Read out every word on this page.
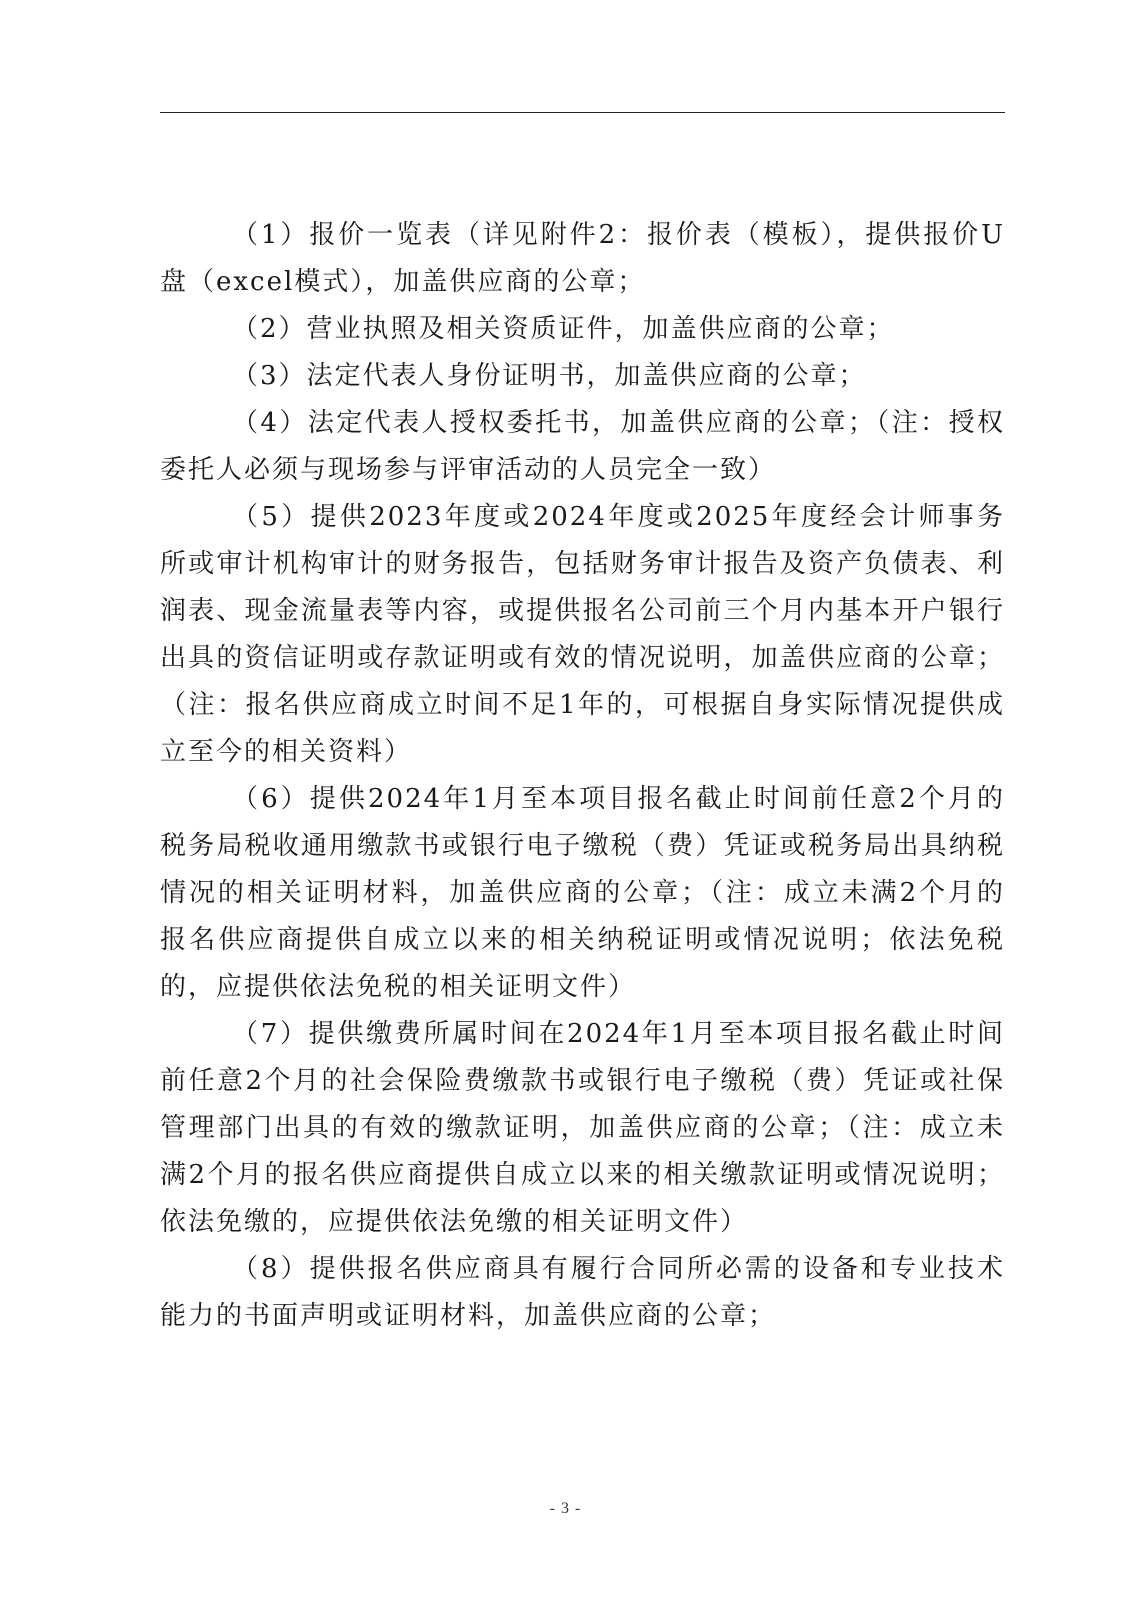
（1）报价一览表（详见附件2：报价表（模板），提供报价U盘（excel模式），加盖供应商的公章；

（2）营业执照及相关资质证件，加盖供应商的公章；

（3）法定代表人身份证明书，加盖供应商的公章；

（4）法定代表人授权委托书，加盖供应商的公章；（注：授权委托人必须与现场参与评审活动的人员完全一致）

（5）提供2023年度或2024年度或2025年度经会计师事务所或审计机构审计的财务报告，包括财务审计报告及资产负债表、利润表、现金流量表等内容，或提供报名公司前三个月内基本开户银行出具的资信证明或存款证明或有效的情况说明，加盖供应商的公章；（注：报名供应商成立时间不足1年的，可根据自身实际情况提供成立至今的相关资料）

（6）提供2024年1月至本项目报名截止时间前任意2个月的税务局税收通用缴款书或银行电子缴税（费）凭证或税务局出具纳税情况的相关证明材料，加盖供应商的公章；（注：成立未满2个月的报名供应商提供自成立以来的相关纳税证明或情况说明；依法免税的，应提供依法免税的相关证明文件）

（7）提供缴费所属时间在2024年1月至本项目报名截止时间前任意2个月的社会保险费缴款书或银行电子缴税（费）凭证或社保管理部门出具的有效的缴款证明，加盖供应商的公章；（注：成立未满2个月的报名供应商提供自成立以来的相关缴款证明或情况说明；依法免缴的，应提供依法免缴的相关证明文件）

（8）提供报名供应商具有履行合同所必需的设备和专业技术能力的书面声明或证明材料，加盖供应商的公章；

- 3 -
